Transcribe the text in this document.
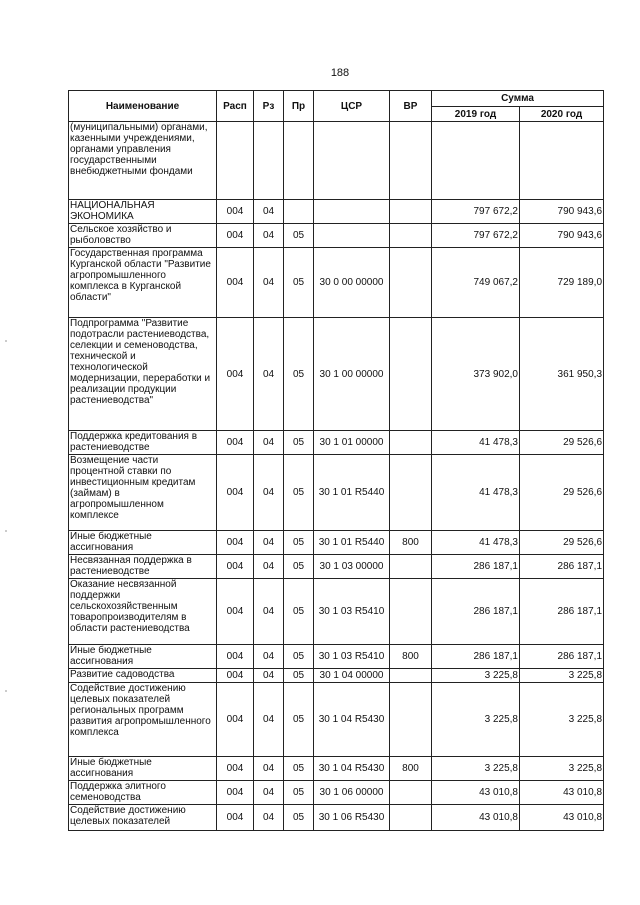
188
Наименование	Расп	Рз	Пр	ЦСР	ВР	Сумма	
						2019 год	2020 год
(муниципальными) органами, казенными учреждениями, органами управления государственными внебюджетными фондами							
НАЦИОНАЛЬНАЯ ЭКОНОМИКА	004	04				797 672,2	790 943,6
Сельское хозяйство и рыболовство	004	04	05			797 672,2	790 943,6
Государственная программа Курганской области "Развитие агропромышленного комплекса в Курганской области"	004	04	05	30 0 00 00000		749 067,2	729 189,0
Подпрограмма "Развитие подотрасли растениеводства, селекции и семеноводства, технической и технологической модернизации, переработки и реализации продукции растениеводства"	004	04	05	30 1 00 00000		373 902,0	361 950,3
Поддержка кредитования в растениеводстве	004	04	05	30 1 01 00000		41 478,3	29 526,6
Возмещение части процентной ставки по инвестиционным кредитам (займам) в агропромышленном комплексе	004	04	05	30 1 01 R5440		41 478,3	29 526,6
Иные бюджетные ассигнования	004	04	05	30 1 01 R5440	800	41 478,3	29 526,6
Несвязанная поддержка в растениеводстве	004	04	05	30 1 03 00000		286 187,1	286 187,1
Оказание несвязанной поддержки сельскохозяйственным товаропроизводителям в области растениеводства	004	04	05	30 1 03 R5410		286 187,1	286 187,1
Иные бюджетные ассигнования	004	04	05	30 1 03 R5410	800	286 187,1	286 187,1
Развитие садоводства	004	04	05	30 1 04 00000		3 225,8	3 225,8
Содействие достижению целевых показателей региональных программ развития агропромышленного комплекса	004	04	05	30 1 04 R5430		3 225,8	3 225,8
Иные бюджетные ассигнования	004	04	05	30 1 04 R5430	800	3 225,8	3 225,8
Поддержка элитного семеноводства	004	04	05	30 1 06 00000		43 010,8	43 010,8
Содействие достижению целевых показателей	004	04	05	30 1 06 R5430		43 010,8	43 010,8
